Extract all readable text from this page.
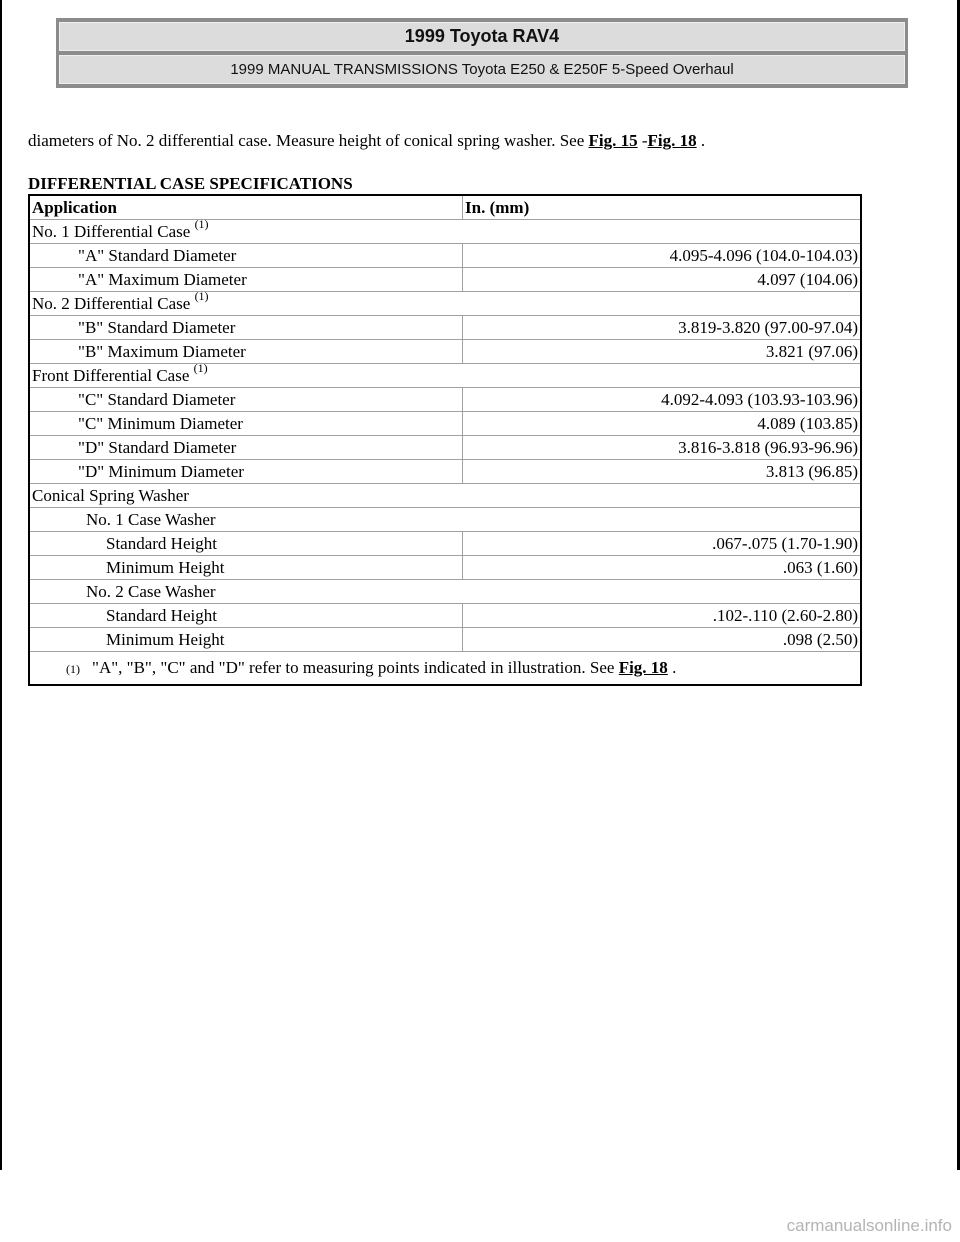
1999 Toyota RAV4
1999 MANUAL TRANSMISSIONS Toyota E250 & E250F 5-Speed Overhaul
diameters of No. 2 differential case. Measure height of conical spring washer. See Fig. 15 -Fig. 18 .
DIFFERENTIAL CASE SPECIFICATIONS
Application	In. (mm)
No. 1 Differential Case $^{(1)}$
"A" Standard Diameter	4.095-4.096 (104.0-104.03)
"A" Maximum Diameter	4.097 (104.06)
No. 2 Differential Case $^{(1)}$
"B" Standard Diameter	3.819-3.820 (97.00-97.04)
"B" Maximum Diameter	3.821 (97.06)
Front Differential Case $^{(1)}$
"C" Standard Diameter	4.092-4.093 (103.93-103.96)
"C" Minimum Diameter	4.089 (103.85)
"D" Standard Diameter	3.816-3.818 (96.93-96.96)
"D" Minimum Diameter	3.813 (96.85)
Conical Spring Washer	
No. 1 Case Washer	
Standard Height	.067-.075 (1.70-1.90)
Minimum Height	.063 (1.60)
No. 2 Case Washer	
Standard Height	.102-.110 (2.60-2.80)
Minimum Height	.098 (2.50)

(1) "A", "B", "C" and "D" refer to measuring points indicated in illustration. See Fig. 18 .	
carmanualsonline.info
